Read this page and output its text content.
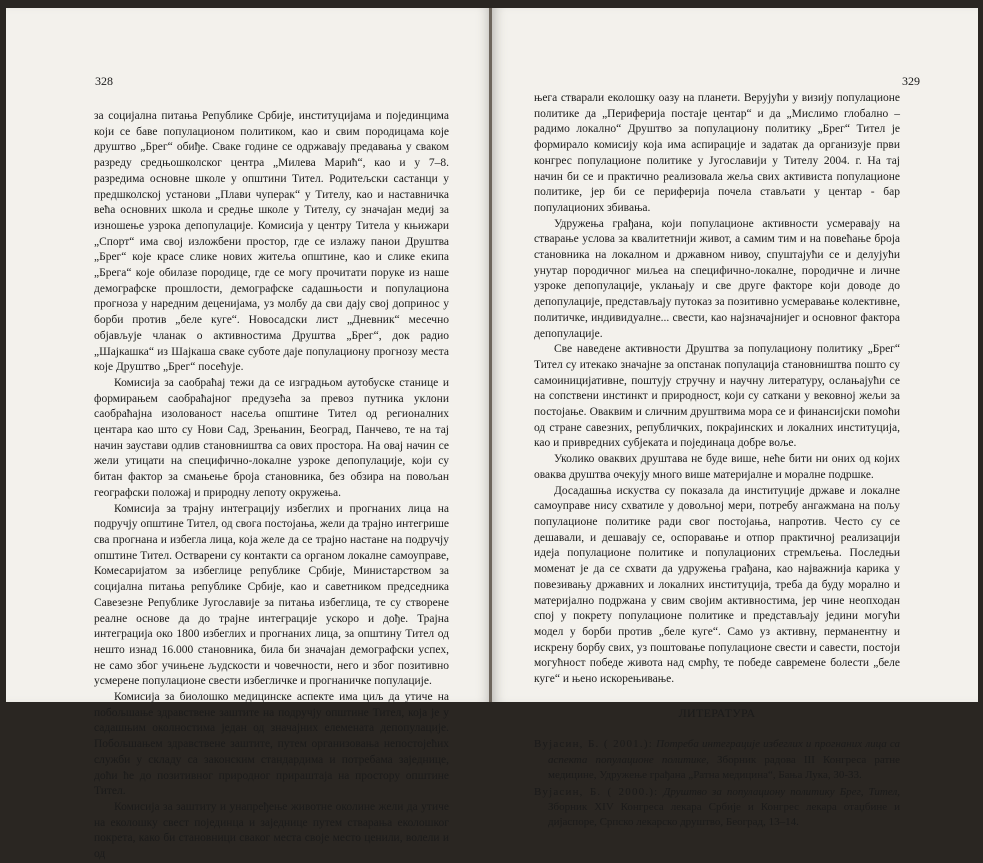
328

за социјална питања Републике Србије, институцијама и појединцима који се баве популационом политиком, као и свим породицама које друштво „Брег“ обиђе. Сваке године се одржавају предавања у сваком разреду средњошколског центра „Милева Марић“, као и у 7–8. разредима основне школе у општини Тител. Родитељски састанци у предшколској установи „Плави чуперак“ у Тителу, као и наставничка већа основних школа и средње школе у Тителу, су значајан медиј за изношење узрока депопулације. Комисија у центру Титела у књижари „Спорт“ има свој изложбени простор, где се излажу панои Друштва „Брег“ које красе слике нових житеља општине, као и слике екипа „Брега“ које обилазе породице, где се могу прочитати поруке из наше демографске прошлости, демографске садашњости и популациона прогноза у наредним деценијама, уз молбу да сви дају свој допринос у борби против „беле куге“. Новосадски лист „Дневник“ месечно објављује чланак о активностима Друштва „Брег“, док радио „Шајкашка“ из Шајкаша сваке суботе даје популациону прогнозу места које Друштво „Брег“ посећује.

Комисија за саобраћај тежи да се изградњом аутобуске станице и формирањем саобраћајног предузећа за превоз путника уклони саобраћајна изолованост насеља општине Тител од регионалних центара као што су Нови Сад, Зрењанин, Београд, Панчево, те на тај начин заустави одлив становништва са ових простора. На овај начин се жели утицати на специфично-локалне узроке депопулације, који су битан фактор за смањење броја становника, без обзира на повољан географски положај и природну лепоту окружења.

Комисија за трајну интеграцију избеглих и прогнаних лица на подручју општине Тител, од свога постојања, жели да трајно интегрише сва прогнана и избегла лица, која желе да се трајно настане на подручју општине Тител. Остварени су контакти са органом локалне самоуправе, Комесаријатом за избеглице републике Србије, Министарством за социјална питања републике Србије, као и саветником председника Савезезне Републике Југославије за питања избеглица, те су створене реалне основе да до трајне интеграције ускоро и дође. Трајна интеграција око 1800 избеглих и прогнаних лица, за општину Тител од нешто изнад 16.000 становника, била би значајан демографски успех, не само због учињене људскости и човечности, него и због позитивно усмерене популационе свести избегличке и прогнаничке популације.

Комисија за биолошко медицинске аспекте има циљ да утиче на побољшање здравствене заштите на подручју општине Тител, која је у садашњим околностима један од значајних елемената депопулације. Побољшањем здравствене заштите, путем организовања непостојећих служби у складу са законским стандардима и потребама заједнице, доћи ће до позитивног природног прираштаја на простору општине Тител.

Комисија за заштиту и унапређење животне околине жели да утиче на еколошку свест појединца и заједнице путем стварања еколошког покрета, како би становници сваког места своје место ценили, волели и од

329

њега стварали еколошку оазу на планети. Верујући у визију популационе политике да „Периферија постаје центар“ и да „Мислимо глобално – радимо локално“ Друштво за популациону политику „Брег“ Тител је формирало комисију која има аспирације и задатак да организује први конгрес популационе политике у Југославији у Тителу 2004. г. На тај начин би се и практично реализовала жеља свих активиста популационе политике, јер би се периферија почела стављати у центар - бар популационих збивања.

Удружења грађана, који популационе активности усмеравају на стварање услова за квалитетнији живот, а самим тим и на повећање броја становника на локалном и државном нивоу, спуштајући се и делујући унутар породичног миљеа на специфично-локалне, породичне и личне узроке депопулације, уклањају и све друге факторе који доводе до депопулације, представљају путоказ за позитивно усмеравање колективне, политичке, индивидуалне... свести, као најзначајнијег и основног фактора депопулације.

Све наведене активности Друштва за популациону политику „Брег“ Тител су итекако значајне за опстанак популација становништва пошто су самоиницијативне, поштују стручну и научну литературу, ослањајући се на сопствени инстинкт и природност, који су саткани у вековној жељи за постојање. Оваквим и сличним друштвима мора се и финансијски помоћи од стране савезних, републичких, покрајинских и локалних институција, као и привредних субјеката и појединаца добре воље.

Уколико оваквих друштава не буде више, неће бити ни оних од којих оваква друштва очекују много више материјалне и моралне подршке.

Досадашња искуства су показала да институције државе и локалне самоуправе нису схватиле у довољној мери, потребу ангажмана на пољу популационе политике ради свог постојања, напротив. Често су се дешавали, и дешавају се, оспоравање и отпор практичној реализацији идеја популационе политике и популационих стремљења. Последњи моменат је да се схвати да удружења грађана, као најважнија карика у повезивању државних и локалних институција, треба да буду морално и материјално подржана у свим својим активностима, јер чине неопходан спој у покрету популационе политике и представљају једини могући модел у борби против „беле куге“. Само уз активну, перманентну и искрену борбу свих, уз поштовање популационе свести и савести, постоји могућност победе живота над смрћу, те победе савремене болести „беле куге“ и њено искорењивање.

ЛИТЕРАТУРА

Вујасин, Б. ( 2001.): Потреба интеграције избеглих и прогнаних лица са аспекта популационе политике, Зборник радова III Конгреса ратне медицине, Удружење грађана „Ратна медицина“, Бања Лука, 30-33.

Вујасин, Б. ( 2000.): Друштво за популациону политику Брег, Тител, Зборник XIV Конгреса лекара Србије и Конгрес лекара отаџбине и дијаспоре, Српско лекарско друштво, Београд, 13–14.
